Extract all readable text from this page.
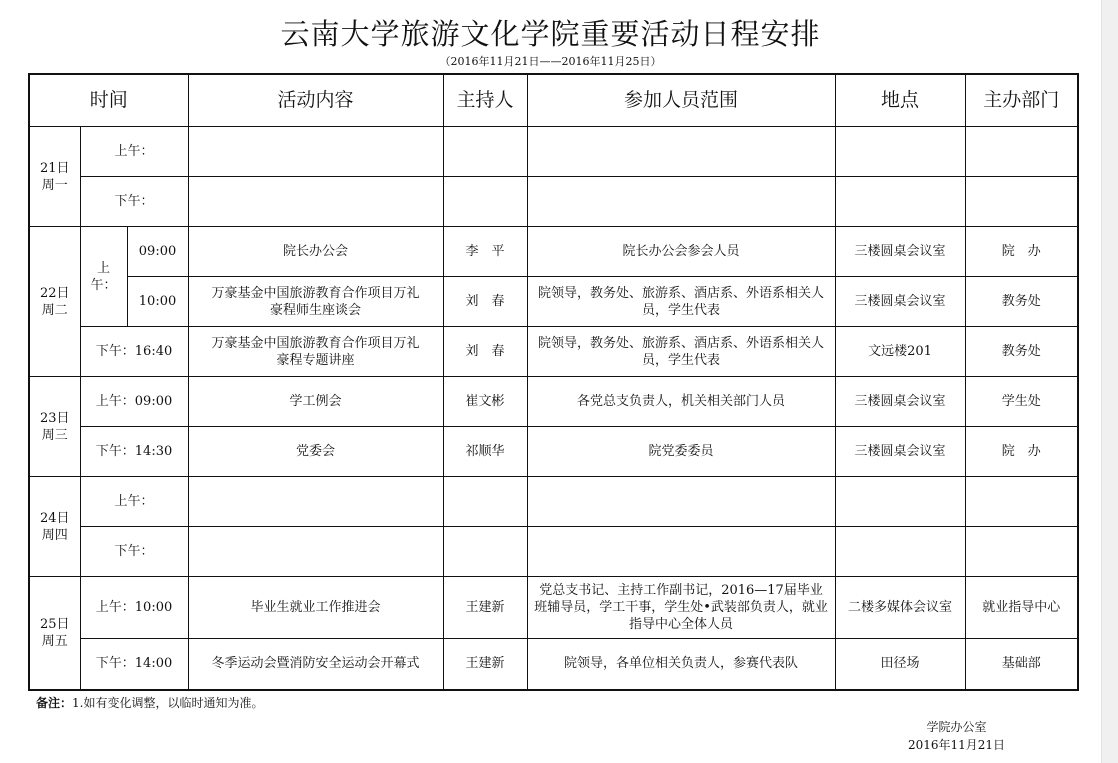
云南大学旅游文化学院重要活动日程安排
（2016年11月21日——2016年11月25日）
时间			活动内容	主持人	参加人员范围	地点	主办部门
21日
周一	上午：						
	下午：						
22日
周二	上午：	09:00	院长办公会	李　平	院长办公会参会人员	三楼圆桌会议室	院　办
		10:00	万豪基金中国旅游教育合作项目万礼豪程师生座谈会	刘　春	院领导，教务处、旅游系、酒店系、外语系相关人员，学生代表	三楼圆桌会议室	教务处
	下午：16:40		万豪基金中国旅游教育合作项目万礼豪程专题讲座	刘　春	院领导，教务处、旅游系、酒店系、外语系相关人员，学生代表	文远楼201	教务处
23日
周三	上午：09:00		学工例会	崔文彬	各党总支负责人，机关相关部门人员	三楼圆桌会议室	学生处
	下午：14:30		党委会	祁顺华	院党委委员	三楼圆桌会议室	院　办
24日
周四	上午：						
	下午：						
25日
周五	上午：10:00		毕业生就业工作推进会	王建新	党总支书记、主持工作副书记，2016—17届毕业班辅导员，学工干事，学生处•武装部负责人，就业指导中心全体人员	二楼多媒体会议室	就业指导中心
	下午：14:00		冬季运动会暨消防安全运动会开幕式	王建新	院领导，各单位相关负责人，参赛代表队	田径场	基础部
备注：1.如有变化调整，以临时通知为准。
学院办公室
2016年11月21日
